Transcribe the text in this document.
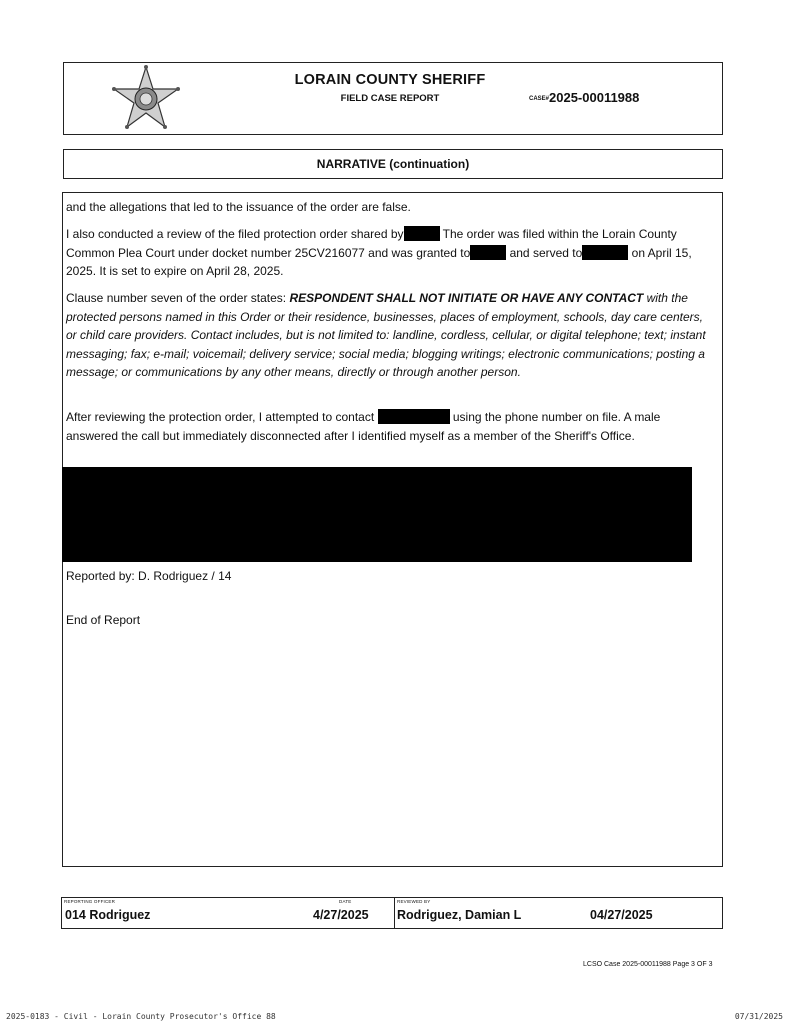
LORAIN COUNTY SHERIFF
FIELD CASE REPORT	CASE# 2025-00011988
NARRATIVE (continuation)

and the allegations that led to the issuance of the order are false.

I also conducted a review of the filed protection order shared by	The order was filed within the Lorain County Common Plea Court under docket number 25CV216077 and was granted to	and served to	on April 15, 2025. It is set to expire on April 28, 2025.

Clause number seven of the order states: RESPONDENT SHALL NOT INITIATE OR HAVE ANY CONTACT with the protected persons named in this Order or their residence, businesses, places of employment, schools, day care centers, or child care providers. Contact includes, but is not limited to: landline, cordless, cellular, or digital telephone; text; instant messaging; fax; e-mail; voicemail; delivery service; social media; blogging writings; electronic communications; posting a message; or communications by any other means, directly or through another person.

After reviewing the protection order, I attempted to contact	using the phone number on file. A male answered the call but immediately disconnected after I identified myself as a member of the Sheriff's Office.

Reported by: D. Rodriguez / 14

End of Report

REPORTING OFFICER
014 Rodriguez
DATE
4/27/2025
REVIEWED BY
Rodriguez, Damian L	04/27/2025
LCSO Case 2025-00011988 Page 3 OF 3
2025-0183 - Civil - Lorain County Prosecutor's Office 88	07/31/2025
